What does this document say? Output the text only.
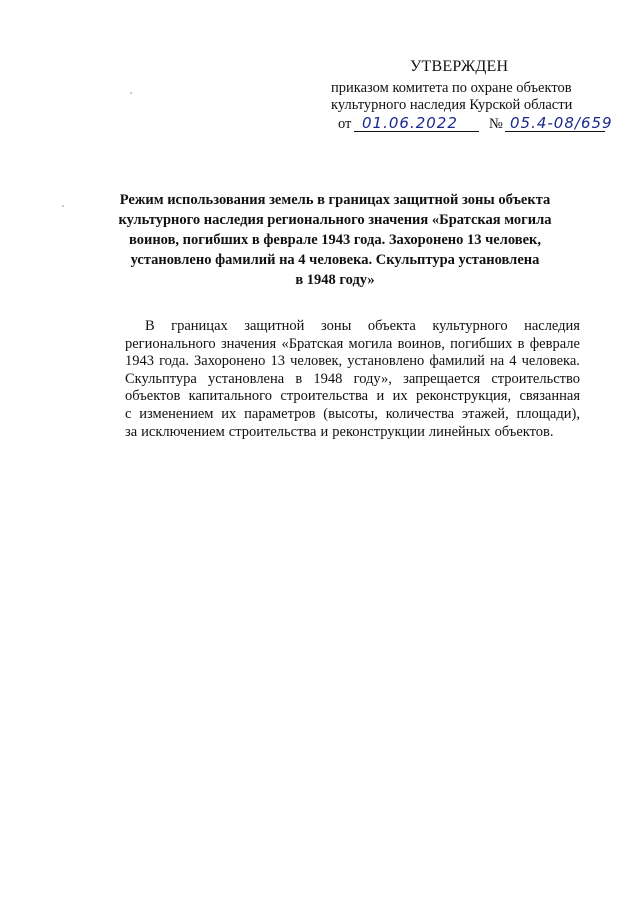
УТВЕРЖДЕН
приказом комитета по охране объектов
культурного наследия Курской области
от 01.06.2022 № 05.4-08/659
Режим использования земель в границах защитной зоны объекта
культурного наследия регионального значения «Братская могила
воинов, погибших в феврале 1943 года. Захоронено 13 человек,
установлено фамилий на 4 человека. Скульптура установлена
в 1948 году»
В границах защитной зоны объекта культурного наследия
регионального значения «Братская могила воинов, погибших в феврале
1943 года. Захоронено 13 человек, установлено фамилий на 4 человека.
Скульптура установлена в 1948 году», запрещается строительство
объектов капитального строительства и их реконструкция, связанная
с изменением их параметров (высоты, количества этажей, площади),
за исключением строительства и реконструкции линейных объектов.
